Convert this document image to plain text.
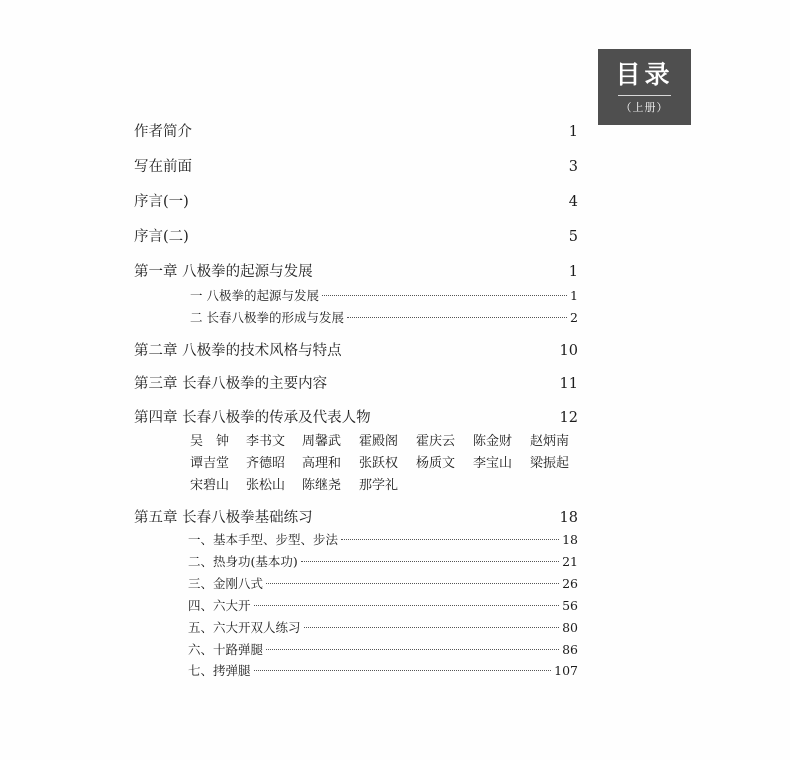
目录
（上册）
作者简介	1
写在前面	3
序言(一)	4
序言(二)	5
第一章 八极拳的起源与发展	1
一 八极拳的起源与发展	1
二 长春八极拳的形成与发展	2
第二章 八极拳的技术风格与特点	10
第三章 长春八极拳的主要内容	11
第四章 长春八极拳的传承及代表人物	12
吴　钟 李书文 周馨武 霍殿阁 霍庆云 陈金财 赵炳南
谭吉堂 齐德昭 高理和 张跃权 杨质文 李宝山 梁振起
宋碧山 张松山 陈继尧 那学礼
第五章 长春八极拳基础练习	18
一、基本手型、步型、步法	18
二、热身功(基本功)	21
三、金刚八式	26
四、六大开	56
五、六大开双人练习	80
六、十路弹腿	86
七、拷弹腿	107
